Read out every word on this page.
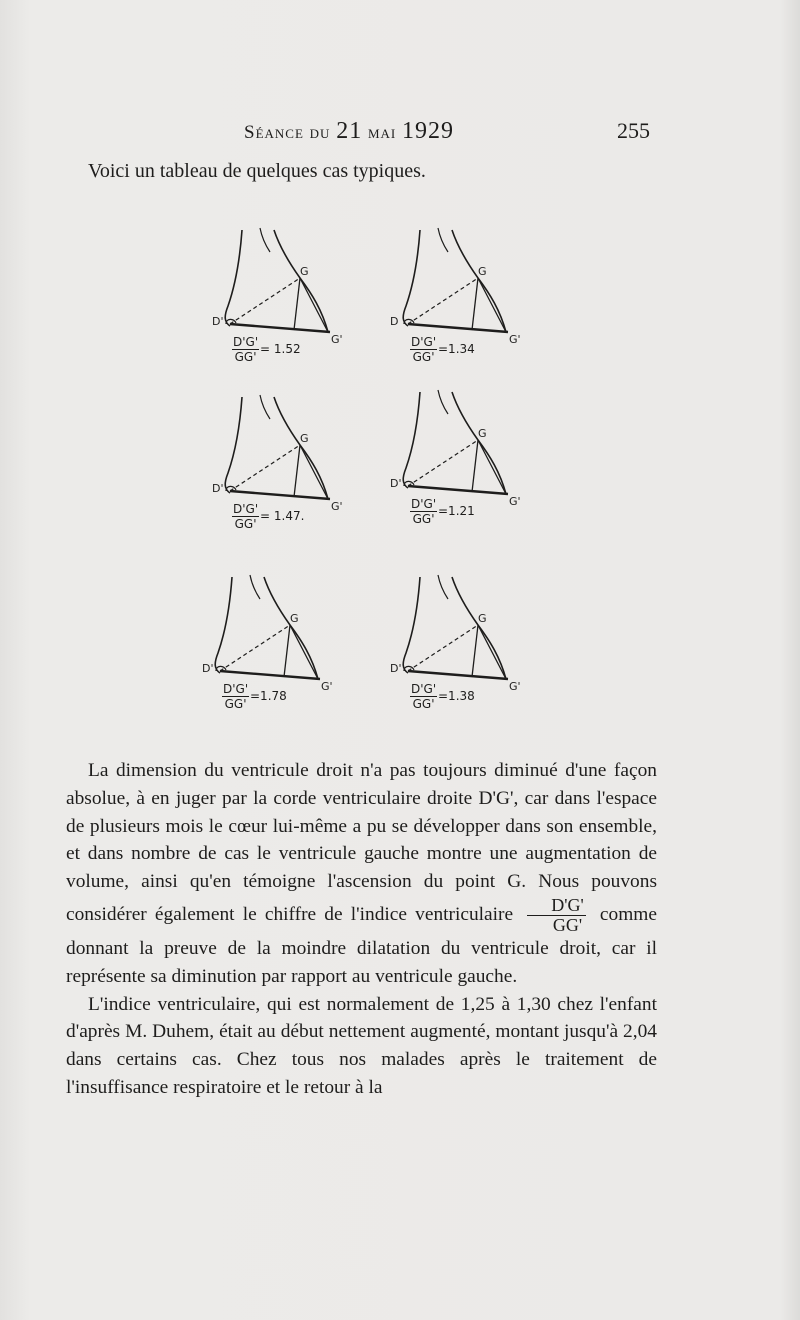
Séance du 21 mai 1929	255
Voici un tableau de quelques cas typiques.
D'
G
G'
$\frac{D'G'}{GG'} = 1.52$
D
G
G'
$\frac{D'G'}{GG'} =1.34$
D'
G
G'
$\frac{D'G'}{GG'} = 1.47$.
D'
G
G'
$\frac{D'G'}{GG'} =1.21$
D'
G
G'
$\frac{D'G'}{GG'} =1.78$
D'
G
G'
$\frac{D'G'}{GG'} =1.38$

La dimension du ventricule droit n'a pas toujours diminué d'une façon absolue, à en juger par la corde ventriculaire droite D'G', car dans l'espace de plusieurs mois le cœur lui-même a pu se développer dans son ensemble, et dans nombre de cas le ventricule gauche montre une augmentation de volume, ainsi qu'en témoigne l'ascension du point G. Nous pouvons considérer également le chiffre de l'indice ventriculaire $\frac{D'G'}{GG'}$ comme donnant la preuve de la moindre dilatation du ventricule droit, car il représente sa diminution par rapport au ventricule gauche.

L'indice ventriculaire, qui est normalement de 1,25 à 1,30 chez l'enfant d'après M. Duhem, était au début nettement augmenté, montant jusqu'à 2,04 dans certains cas. Chez tous nos malades après le traitement de l'insuffisance respiratoire et le retour à la
